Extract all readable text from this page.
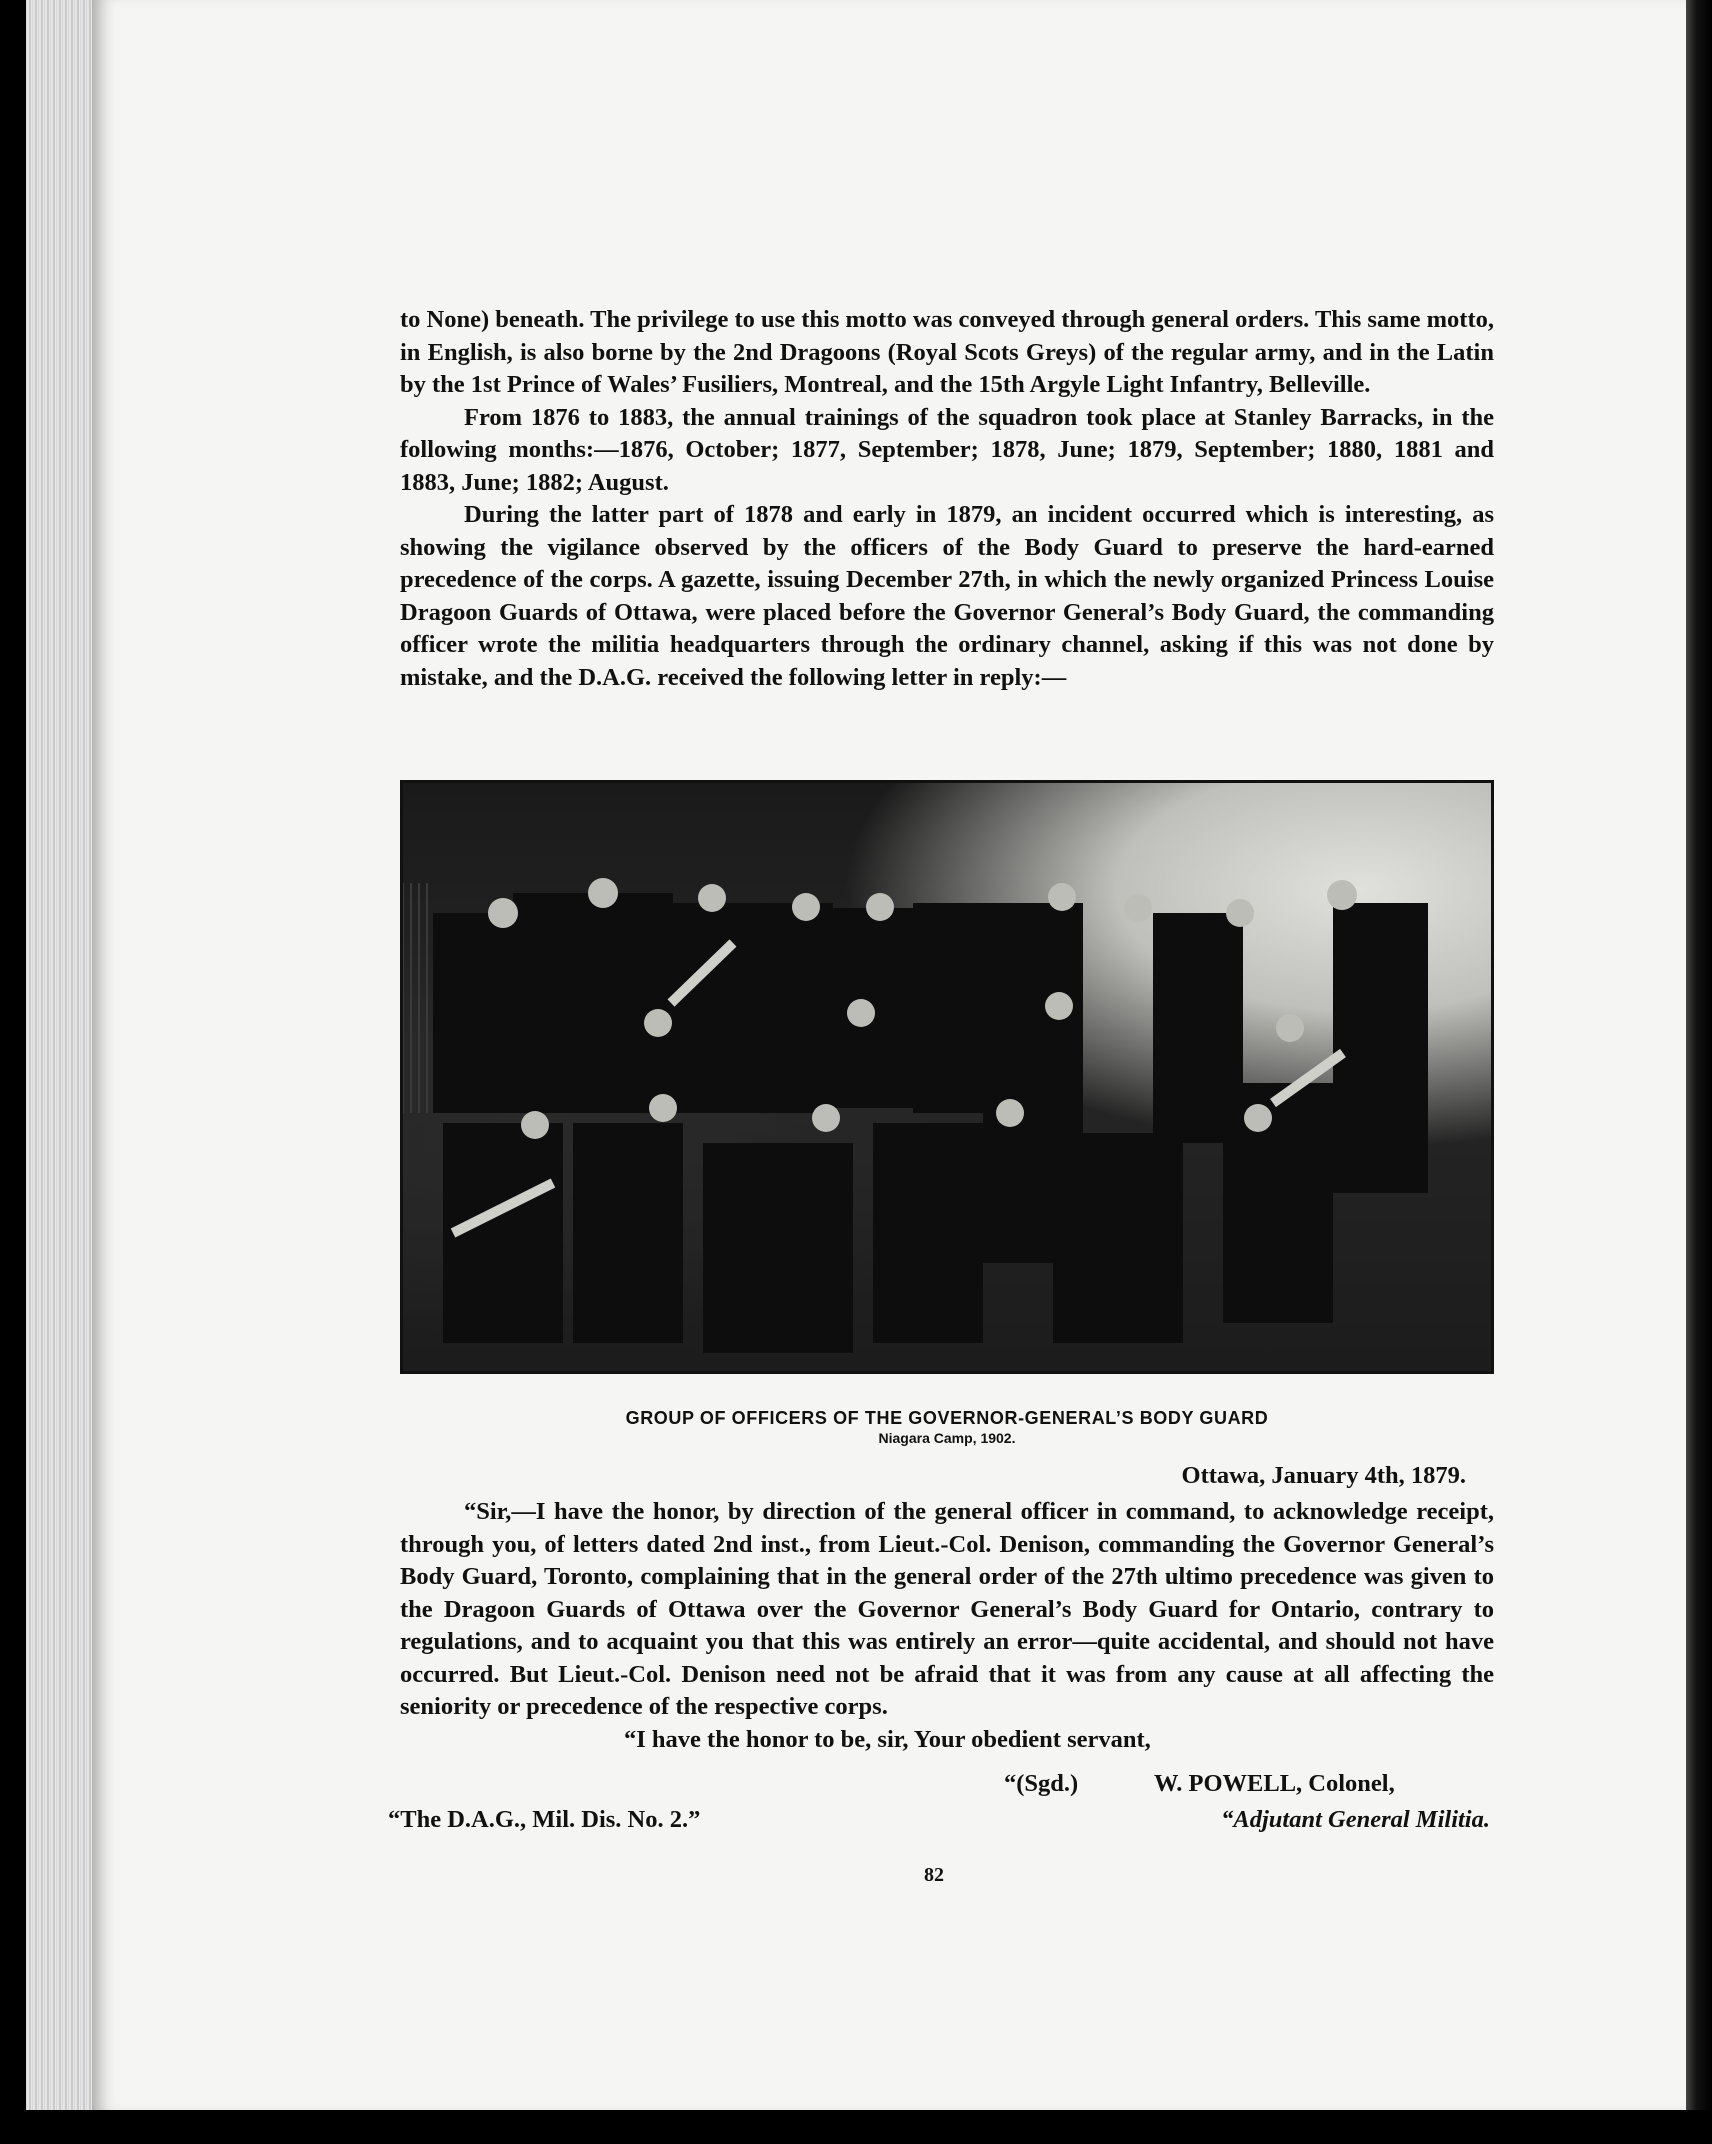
to None) beneath. The privilege to use this motto was conveyed through general orders. This same motto, in English, is also borne by the 2nd Dragoons (Royal Scots Greys) of the regular army, and in the Latin by the 1st Prince of Wales’ Fusiliers, Montreal, and the 15th Argyle Light Infantry, Belleville.

From 1876 to 1883, the annual trainings of the squadron took place at Stanley Barracks, in the following months:—1876, October; 1877, September; 1878, June; 1879, September; 1880, 1881 and 1883, June; 1882; August.

During the latter part of 1878 and early in 1879, an incident occurred which is interesting, as showing the vigilance observed by the officers of the Body Guard to preserve the hard-earned precedence of the corps. A gazette, issuing December 27th, in which the newly organized Princess Louise Dragoon Guards of Ottawa, were placed before the Governor General’s Body Guard, the commanding officer wrote the militia headquarters through the ordinary channel, asking if this was not done by mistake, and the D.A.G. received the following letter in reply:—

GROUP OF OFFICERS OF THE GOVERNOR-GENERAL’S BODY GUARD
Niagara Camp, 1902.
Ottawa, January 4th, 1879.

“Sir,—I have the honor, by direction of the general officer in command, to acknowledge receipt, through you, of letters dated 2nd inst., from Lieut.-Col. Denison, commanding the Governor General’s Body Guard, Toronto, complaining that in the general order of the 27th ultimo precedence was given to the Dragoon Guards of Ottawa over the Governor General’s Body Guard for Ontario, contrary to regulations, and to acquaint you that this was entirely an error—quite accidental, and should not have occurred. But Lieut.-Col. Denison need not be afraid that it was from any cause at all affecting the seniority or precedence of the respective corps.

“I have the honor to be, sir, Your obedient servant,
“(Sgd.)	W. POWELL, Colonel,
“The D.A.G., Mil. Dis. No. 2.”	“Adjutant General Militia.
82
